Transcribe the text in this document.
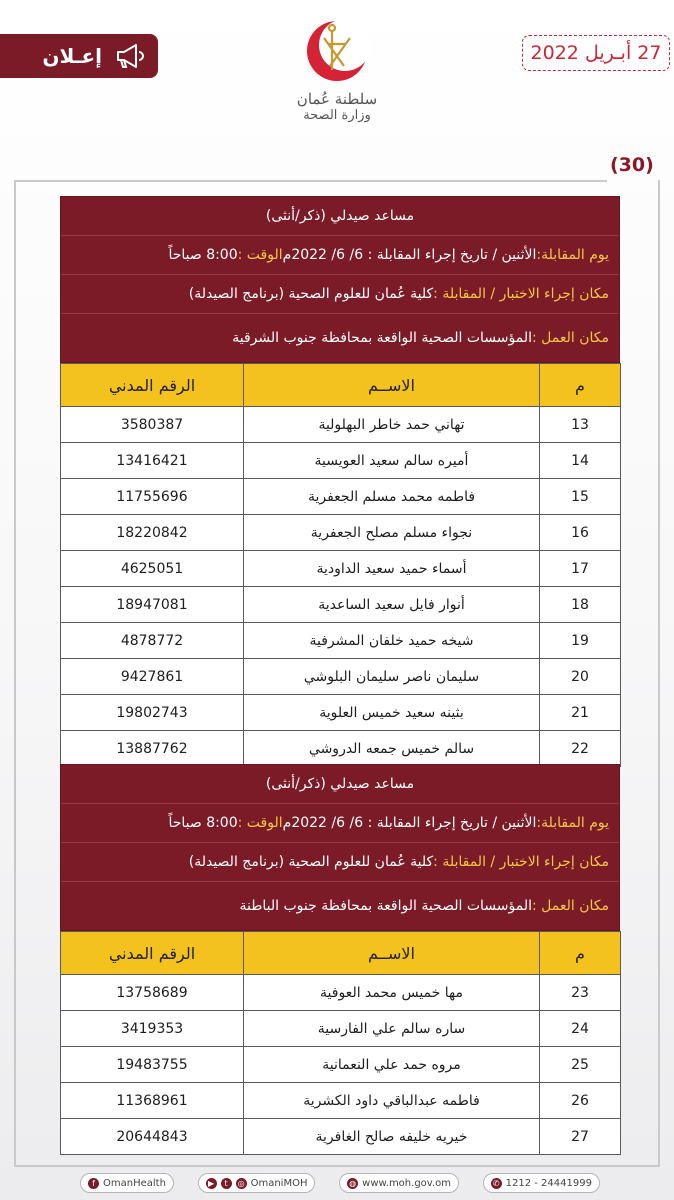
إعـلان	27 أبـريل 2022
سلطنة عُمان
وزارة الصحة
(30)
مساعد صيدلي (ذكر/أنثى)
يوم المقابلة:
الأثنين / تاريخ إجراء المقابلة : 6/ 6/ 2022م
الوقت :
8:00 صباحاً
مكان إجراء الاختبار / المقابلة :
كلية عُمان للعلوم الصحية (برنامج الصيدلة)
مكان العمل :
المؤسسات الصحية الواقعة بمحافظة جنوب الشرقية
م	الاســم	الرقم المدني
13	تهاني حمد خاطر البهلولية	3580387
14	أميره سالم سعيد العويسية	13416421
15	فاطمه محمد مسلم الجعفرية	11755696
16	نجواء مسلم مصلح الجعفرية	18220842
17	أسماء حميد سعيد الداودية	4625051
18	أنوار فايل سعيد الساعدية	18947081
19	شيخه حميد خلفان المشرفية	4878772
20	سليمان ناصر سليمان البلوشي	9427861
21	بثينه سعيد خميس العلوية	19802743
22	سالم خميس جمعه الدروشي	13887762
مساعد صيدلي (ذكر/أنثى)
يوم المقابلة:
الأثنين / تاريخ إجراء المقابلة : 6/ 6/ 2022م
الوقت :
8:00 صباحاً
مكان إجراء الاختبار / المقابلة :
كلية عُمان للعلوم الصحية (برنامج الصيدلة)
مكان العمل :
المؤسسات الصحية الواقعة بمحافظة جنوب الباطنة
م	الاســم	الرقم المدني
23	مها خميس محمد العوفية	13758689
24	ساره سالم علي الفارسية	3419353
25	مروه حمد علي النعمانية	19483755
26	فاطمه عبدالباقي داود الكشرية	11368961
27	خيريه خليفه صالح الغافرية	20644843
f OmanHealth	▶	t	◎ OmaniMOH	◍ www.moh.gov.om	✆ 1212 - 24441999
